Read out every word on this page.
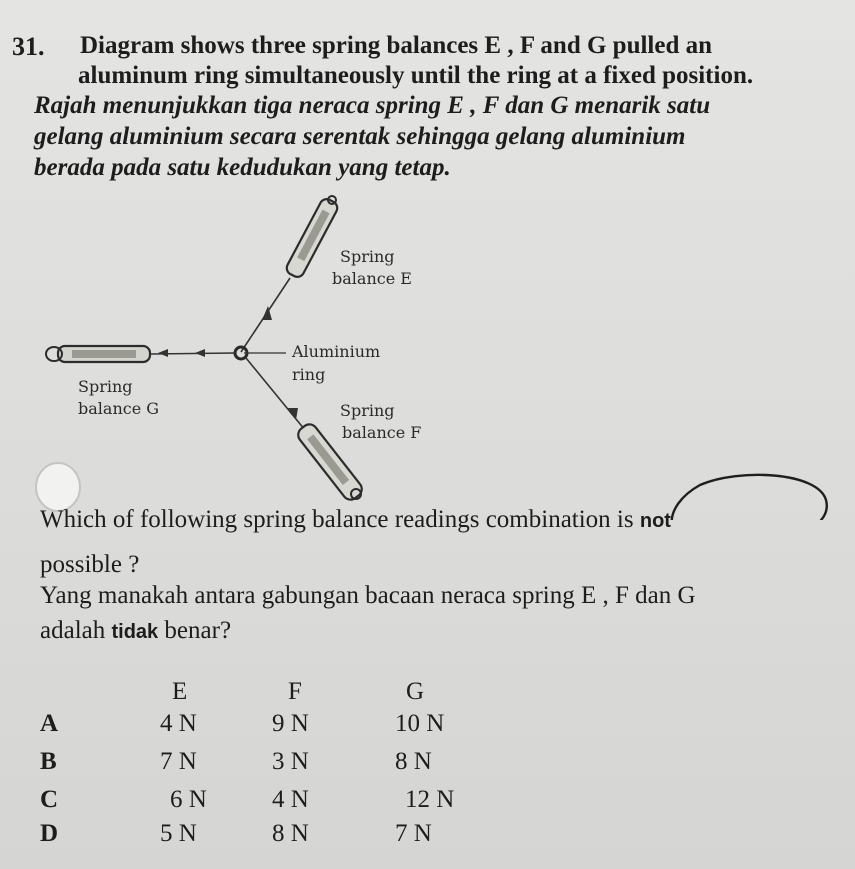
31. Diagram shows three spring balances E , F and G pulled an
aluminum ring simultaneously until the ring at a fixed position.
Rajah menunjukkan tiga neraca spring E , F dan G menarik satu
gelang aluminium secara serentak sehingga gelang aluminium
berada pada satu kedudukan yang tetap.
Spring
balance E
Aluminium
ring
Spring
balance G	Spring
balance F
Which of following spring balance readings combination is not
possible ?
Yang manakah antara gabungan bacaan neraca spring E , F dan G
adalah tidak benar?
E	F	G
A	4 N	9 N	10 N
B	7 N	3 N	8 N
C	6 N	4 N	12 N
D	5 N	8 N	7 N
